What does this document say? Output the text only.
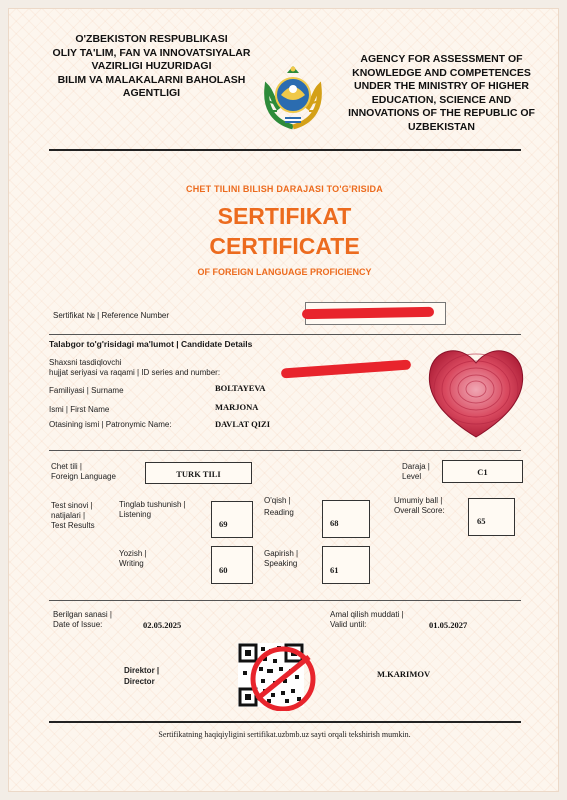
O'ZBEKISTON RESPUBLIKASI
OLIY TA'LIM, FAN VA INNOVATSIYALAR
VAZIRLIGI HUZURIDAGI
BILIM VA MALAKALARNI BAHOLASH
AGENTLIGI
AGENCY FOR ASSESSMENT OF
KNOWLEDGE AND COMPETENCES
UNDER THE MINISTRY OF HIGHER
EDUCATION, SCIENCE AND
INNOVATIONS OF THE REPUBLIC OF
UZBEKISTAN
CHET TILINI BILISH DARAJASI TO'G'RISIDA
SERTIFIKAT
CERTIFICATE
OF FOREIGN LANGUAGE PROFICIENCY
Sertifikat № | Reference Number
Talabgor to'g'risidagi ma'lumot | Candidate Details
Shaxsni tasdiqlovchi
hujjat seriyasi va raqami | ID series and number:
Familiyasi | Surname	BOLTAYEVA
Ismi | First Name	MARJONA
Otasining ismi | Patronymic Name:	DAVLAT QIZI
Chet tili |
Foreign Language	TURK TILI
Daraja |
Level	C1
Test sinovi |
natijalari |
Test Results
Tinglab tushunish |
Listening
69
O'qish |
Reading
68
Umumiy ball |
Overall Score:
65
Yozish |
Writing
60
Gapirish |
Speaking
61
Berilgan sanasi |
Date of Issue:	02.05.2025
Amal qilish muddati |
Valid until:	01.05.2027
Direktor |
Director
M.KARIMOV
Sertifikatning haqiqiyligini sertifikat.uzbmb.uz sayti orqali tekshirish mumkin.
